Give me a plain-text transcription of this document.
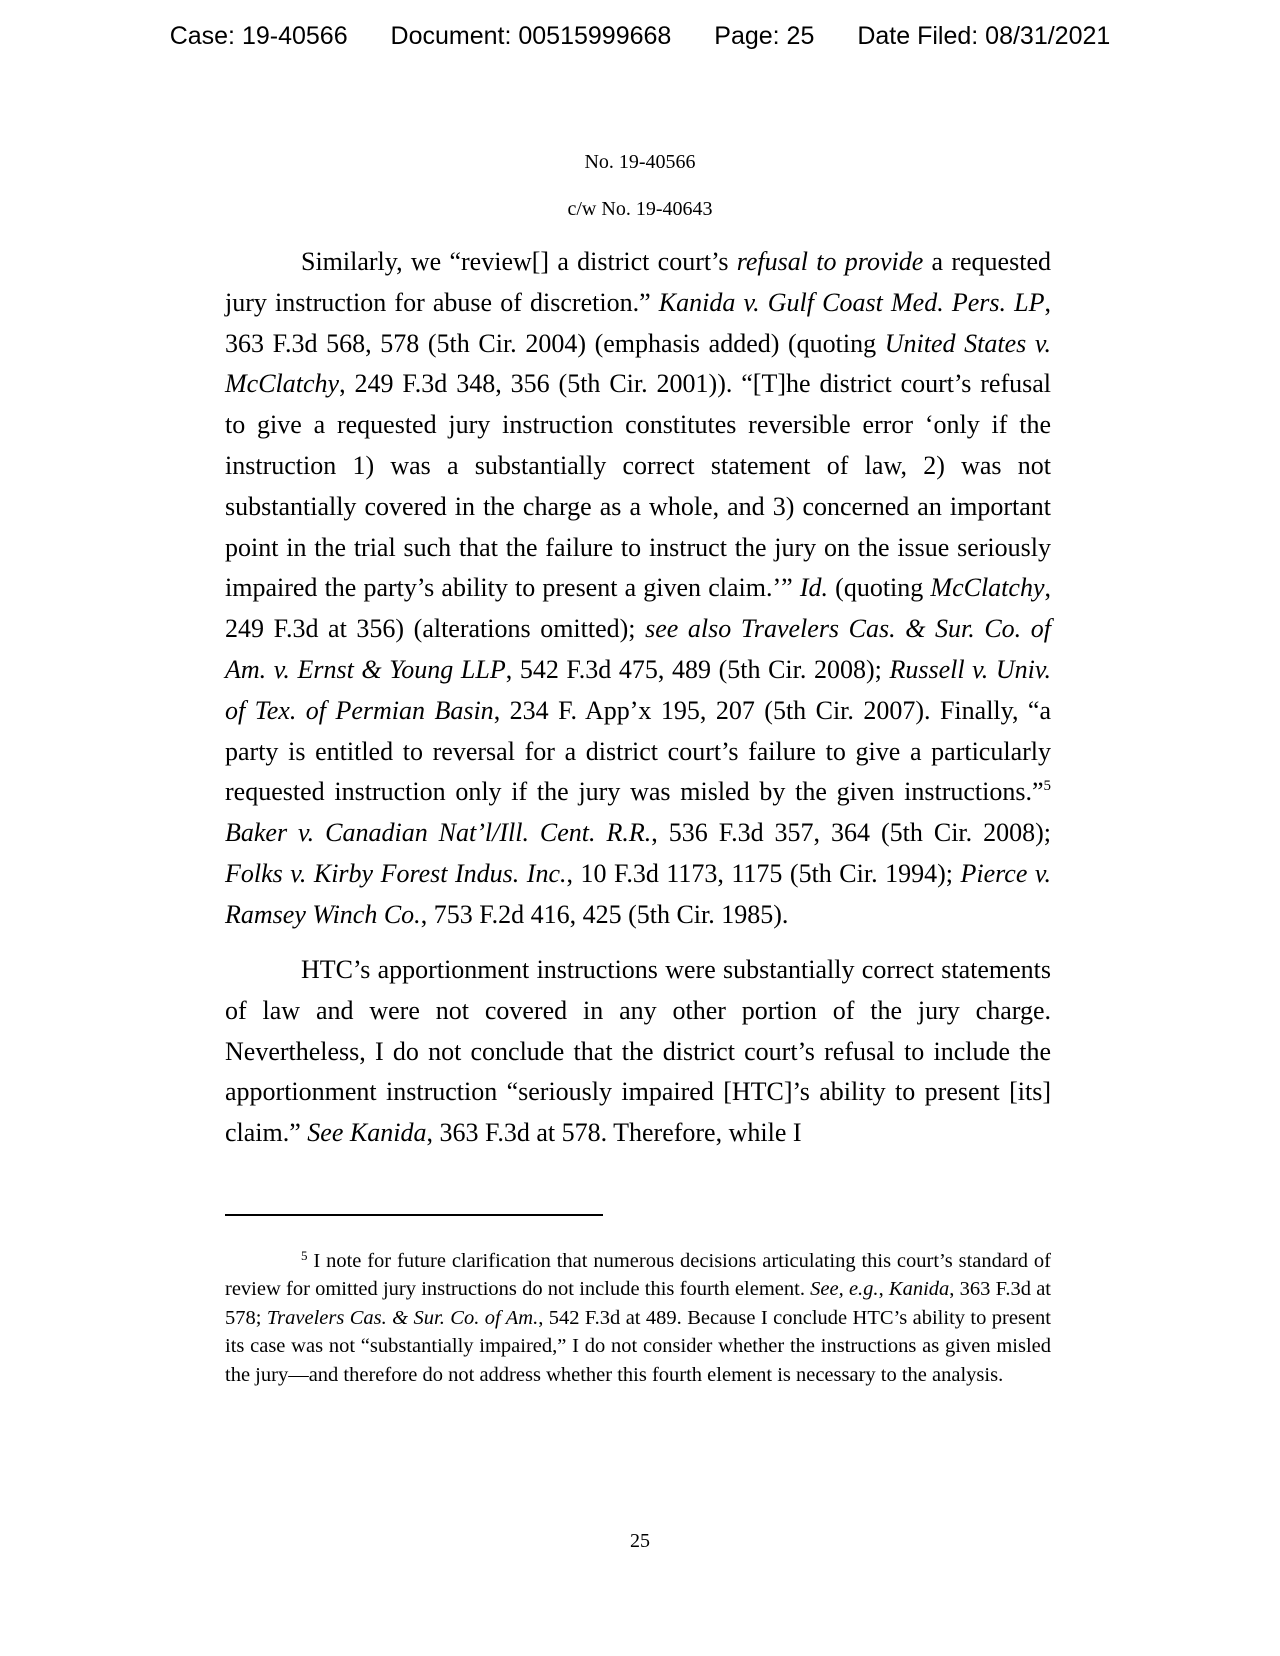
Case: 19-40566 Document: 00515999668 Page: 25 Date Filed: 08/31/2021
No. 19-40566
c/w No. 19-40643

Similarly, we “review[] a district court’s refusal to provide a requested jury instruction for abuse of discretion.” Kanida v. Gulf Coast Med. Pers. LP, 363 F.3d 568, 578 (5th Cir. 2004) (emphasis added) (quoting United States v. McClatchy, 249 F.3d 348, 356 (5th Cir. 2001)). “[T]he district court’s refusal to give a requested jury instruction constitutes reversible error ‘only if the instruction 1) was a substantially correct statement of law, 2) was not substantially covered in the charge as a whole, and 3) concerned an important point in the trial such that the failure to instruct the jury on the issue seriously impaired the party’s ability to present a given claim.’” Id. (quoting McClatchy, 249 F.3d at 356) (alterations omitted); see also Travelers Cas. & Sur. Co. of Am. v. Ernst & Young LLP, 542 F.3d 475, 489 (5th Cir. 2008); Russell v. Univ. of Tex. of Permian Basin, 234 F. App’x 195, 207 (5th Cir. 2007). Finally, “a party is entitled to reversal for a district court’s failure to give a particularly requested instruction only if the jury was misled by the given instructions.”$^5$ Baker v. Canadian Nat’l/Ill. Cent. R.R., 536 F.3d 357, 364 (5th Cir. 2008); Folks v. Kirby Forest Indus. Inc., 10 F.3d 1173, 1175 (5th Cir. 1994); Pierce v. Ramsey Winch Co., 753 F.2d 416, 425 (5th Cir. 1985).

HTC’s apportionment instructions were substantially correct statements of law and were not covered in any other portion of the jury charge. Nevertheless, I do not conclude that the district court’s refusal to include the apportionment instruction “seriously impaired [HTC]’s ability to present [its] claim.” See Kanida, 363 F.3d at 578. Therefore, while I

$^5$ I note for future clarification that numerous decisions articulating this court’s standard of review for omitted jury instructions do not include this fourth element. See, e.g., Kanida, 363 F.3d at 578; Travelers Cas. & Sur. Co. of Am., 542 F.3d at 489. Because I conclude HTC’s ability to present its case was not “substantially impaired,” I do not consider whether the instructions as given misled the jury—and therefore do not address whether this fourth element is necessary to the analysis.

25
